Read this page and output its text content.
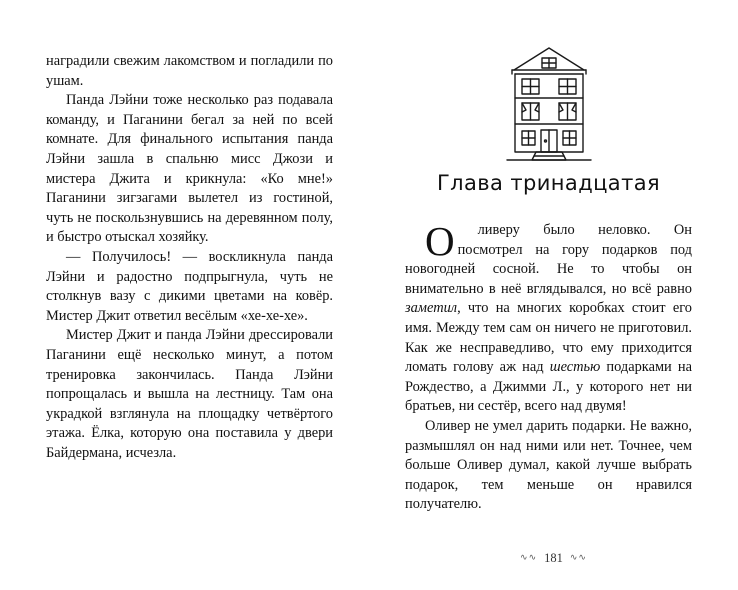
наградили свежим лакомством и погладили по ушам.

Панда Лэйни тоже несколько раз подавала команду, и Паганини бегал за ней по всей комнате. Для финального испытания панда Лэйни зашла в спальню мисс Джози и мистера Джита и крикнула: «Ко мне!» Паганини зигзагами вылетел из гостиной, чуть не поскользнувшись на деревянном полу, и быстро отыскал хозяйку.

— Получилось! — воскликнула панда Лэйни и радостно подпрыгнула, чуть не столкнув вазу с дикими цветами на ковёр. Мистер Джит ответил весёлым «хе-хе-хе».

Мистер Джит и панда Лэйни дрессировали Паганини ещё несколько минут, а потом тренировка закончилась. Панда Лэйни попрощалась и вышла на лестницу. Там она украдкой взглянула на площадку четвёртого этажа. Ёлка, которую она поставила у двери Байдермана, исчезла.

Глава тринадцатая

О ливеру было неловко. Он посмотрел на гору подарков под новогодней сосной. Не то чтобы он внимательно в неё вглядывался, но всё равно заметил, что на многих коробках стоит его имя. Между тем сам он ничего не приготовил. Как же несправедливо, что ему приходится ломать голову аж над шестью подарками на Рождество, а Джимми Л., у которого нет ни братьев, ни сестёр, всего над двумя!

Оливер не умел дарить подарки. Не важно, размышлял он над ними или нет. Точнее, чем больше Оливер думал, какой лучше выбрать подарок, тем меньше он нравился получателю.

∿∿ 181 ∿∿
